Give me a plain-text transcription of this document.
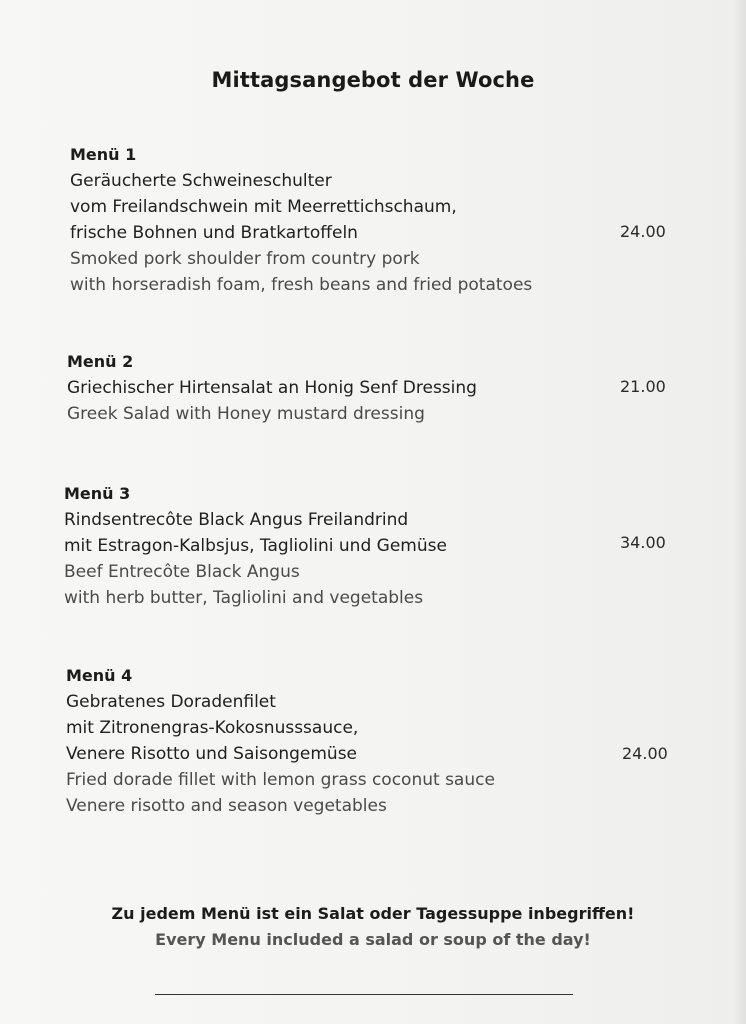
Mittagsangebot der Woche
Menü 1
Geräucherte Schweineschulter
vom Freilandschwein mit Meerrettichschaum,
frische Bohnen und Bratkartoffeln
Smoked pork shoulder from country pork
with horseradish foam, fresh beans and fried potatoes
24.00
Menü 2
Griechischer Hirtensalat an Honig Senf Dressing
Greek Salad with Honey mustard dressing
21.00
Menü 3
Rindsentrecôte Black Angus Freilandrind
mit Estragon-Kalbsjus, Tagliolini und Gemüse
Beef Entrecôte Black Angus
with herb butter, Tagliolini and vegetables
34.00
Menü 4
Gebratenes Doradenfilet
mit Zitronengras-Kokosnusssauce,
Venere Risotto und Saisongemüse
Fried dorade fillet with lemon grass coconut sauce
Venere risotto and season vegetables
24.00
Zu jedem Menü ist ein Salat oder Tagessuppe inbegriffen!
Every Menu included a salad or soup of the day!
